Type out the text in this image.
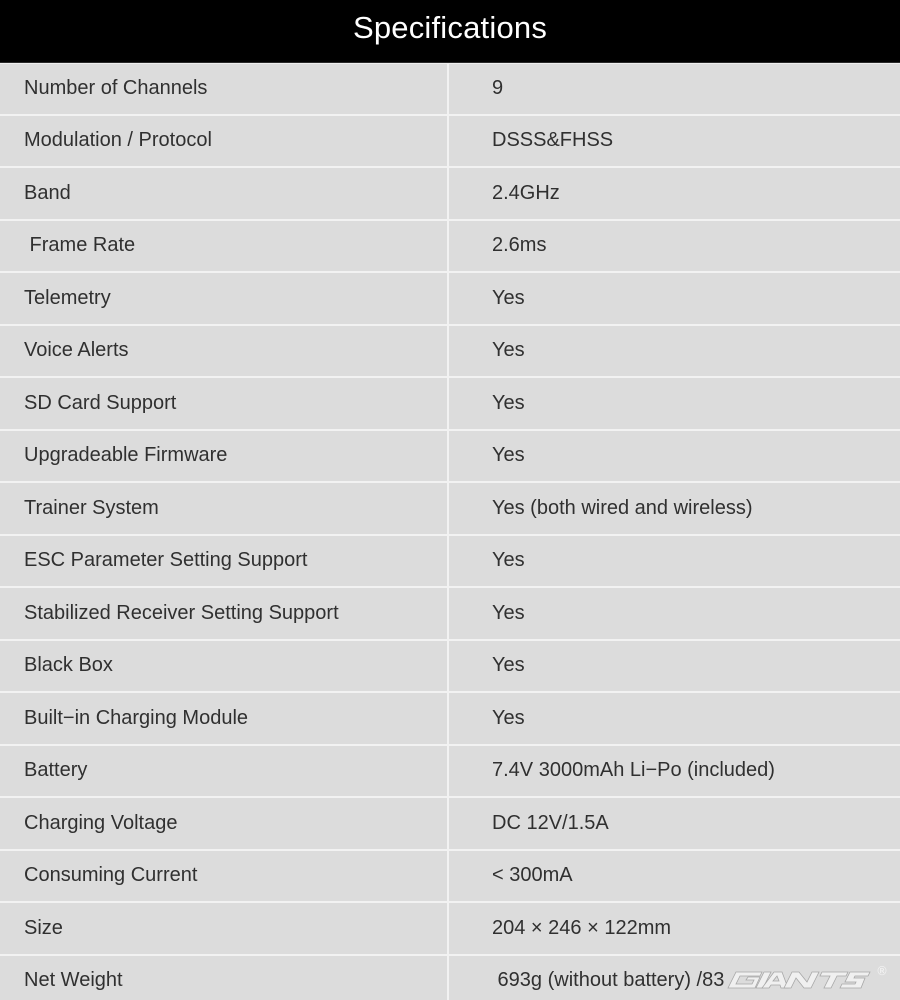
Specifications
Number of Channels	9
Modulation / Protocol	DSSS&FHSS
Band	2.4GHz
Frame Rate	2.6ms
Telemetry	Yes
Voice Alerts	Yes
SD Card Support	Yes
Upgradeable Firmware	Yes
Trainer System	Yes (both wired and wireless)
ESC Parameter Setting Support	Yes
Stabilized Receiver Setting Support	Yes
Black Box	Yes
Built−in Charging Module	Yes
Battery	7.4V 3000mAh Li−Po (included)
Charging Voltage	DC 12V/1.5A
Consuming Current	< 300mA
Size	204 × 246 × 122mm
Net Weight	693g (without battery) /83	®
